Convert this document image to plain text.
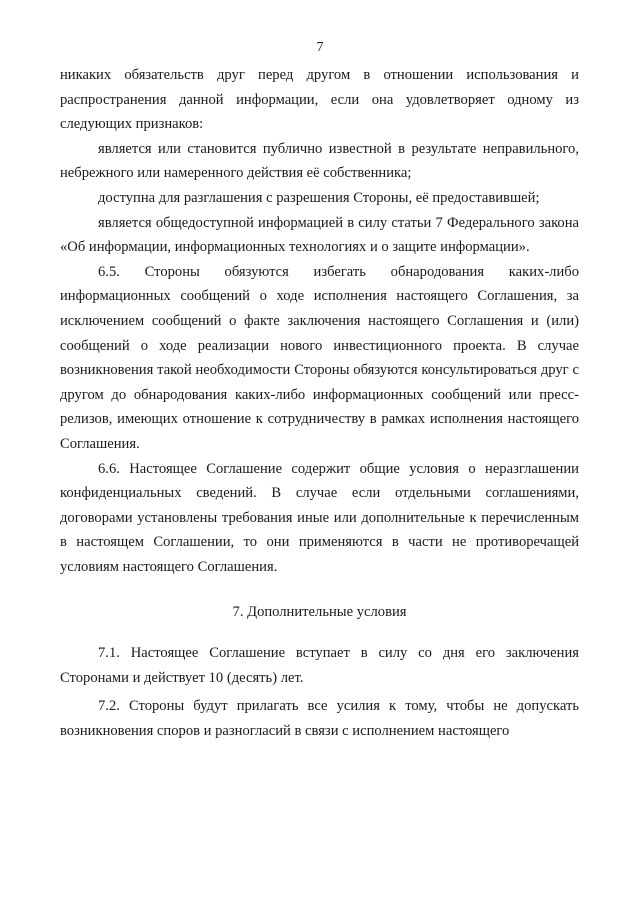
7

никаких обязательств друг перед другом в отношении использования и распространения данной информации, если она удовлетворяет одному из следующих признаков:

является или становится публично известной в результате неправильного, небрежного или намеренного действия её собственника;

доступна для разглашения с разрешения Стороны, её предоставившей;

является общедоступной информацией в силу статьи 7 Федерального закона «Об информации, информационных технологиях и о защите информации».

6.5. Стороны обязуются избегать обнародования каких-либо информационных сообщений о ходе исполнения настоящего Соглашения, за исключением сообщений о факте заключения настоящего Соглашения и (или) сообщений о ходе реализации нового инвестиционного проекта. В случае возникновения такой необходимости Стороны обязуются консультироваться друг с другом до обнародования каких-либо информационных сообщений или пресс-релизов, имеющих отношение к сотрудничеству в рамках исполнения настоящего Соглашения.

6.6. Настоящее Соглашение содержит общие условия о неразглашении конфиденциальных сведений. В случае если отдельными соглашениями, договорами установлены требования иные или дополнительные к перечисленным в настоящем Соглашении, то они применяются в части не противоречащей условиям настоящего Соглашения.

7. Дополнительные условия

7.1. Настоящее Соглашение вступает в силу со дня его заключения Сторонами и действует 10 (десять) лет.

7.2. Стороны будут прилагать все усилия к тому, чтобы не допускать возникновения споров и разногласий в связи с исполнением настоящего
